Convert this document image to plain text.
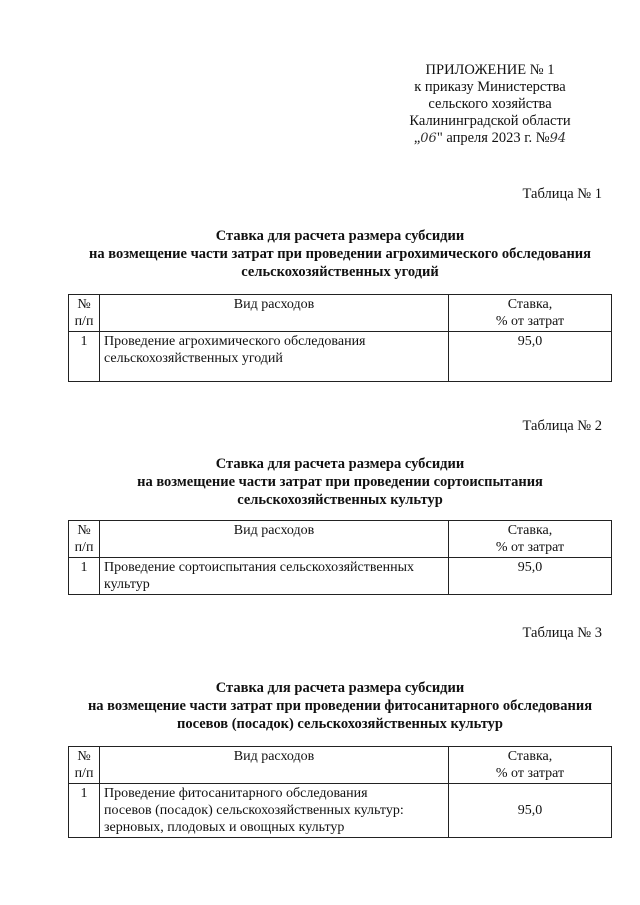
ПРИЛОЖЕНИЕ № 1
к приказу Министерства
сельского хозяйства
Калининградской области
„06" апреля 2023 г. №94
Таблица № 1
Ставка для расчета размера субсидии
на возмещение части затрат при проведении агрохимического обследования
сельскохозяйственных угодий
№
п/п	Вид расходов	Ставка,
% от затрат
1	Проведение агрохимического обследования
сельскохозяйственных угодий	95,0
Таблица № 2
Ставка для расчета размера субсидии
на возмещение части затрат при проведении сортоиспытания
сельскохозяйственных культур
№
п/п	Вид расходов	Ставка,
% от затрат
1	Проведение сортоиспытания сельскохозяйственных
культур	95,0
Таблица № 3
Ставка для расчета размера субсидии
на возмещение части затрат при проведении фитосанитарного обследования
посевов (посадок) сельскохозяйственных культур
№
п/п	Вид расходов	Ставка,
% от затрат
1	Проведение фитосанитарного обследования
посевов (посадок) сельскохозяйственных культур:
зерновых, плодовых и овощных культур	95,0
